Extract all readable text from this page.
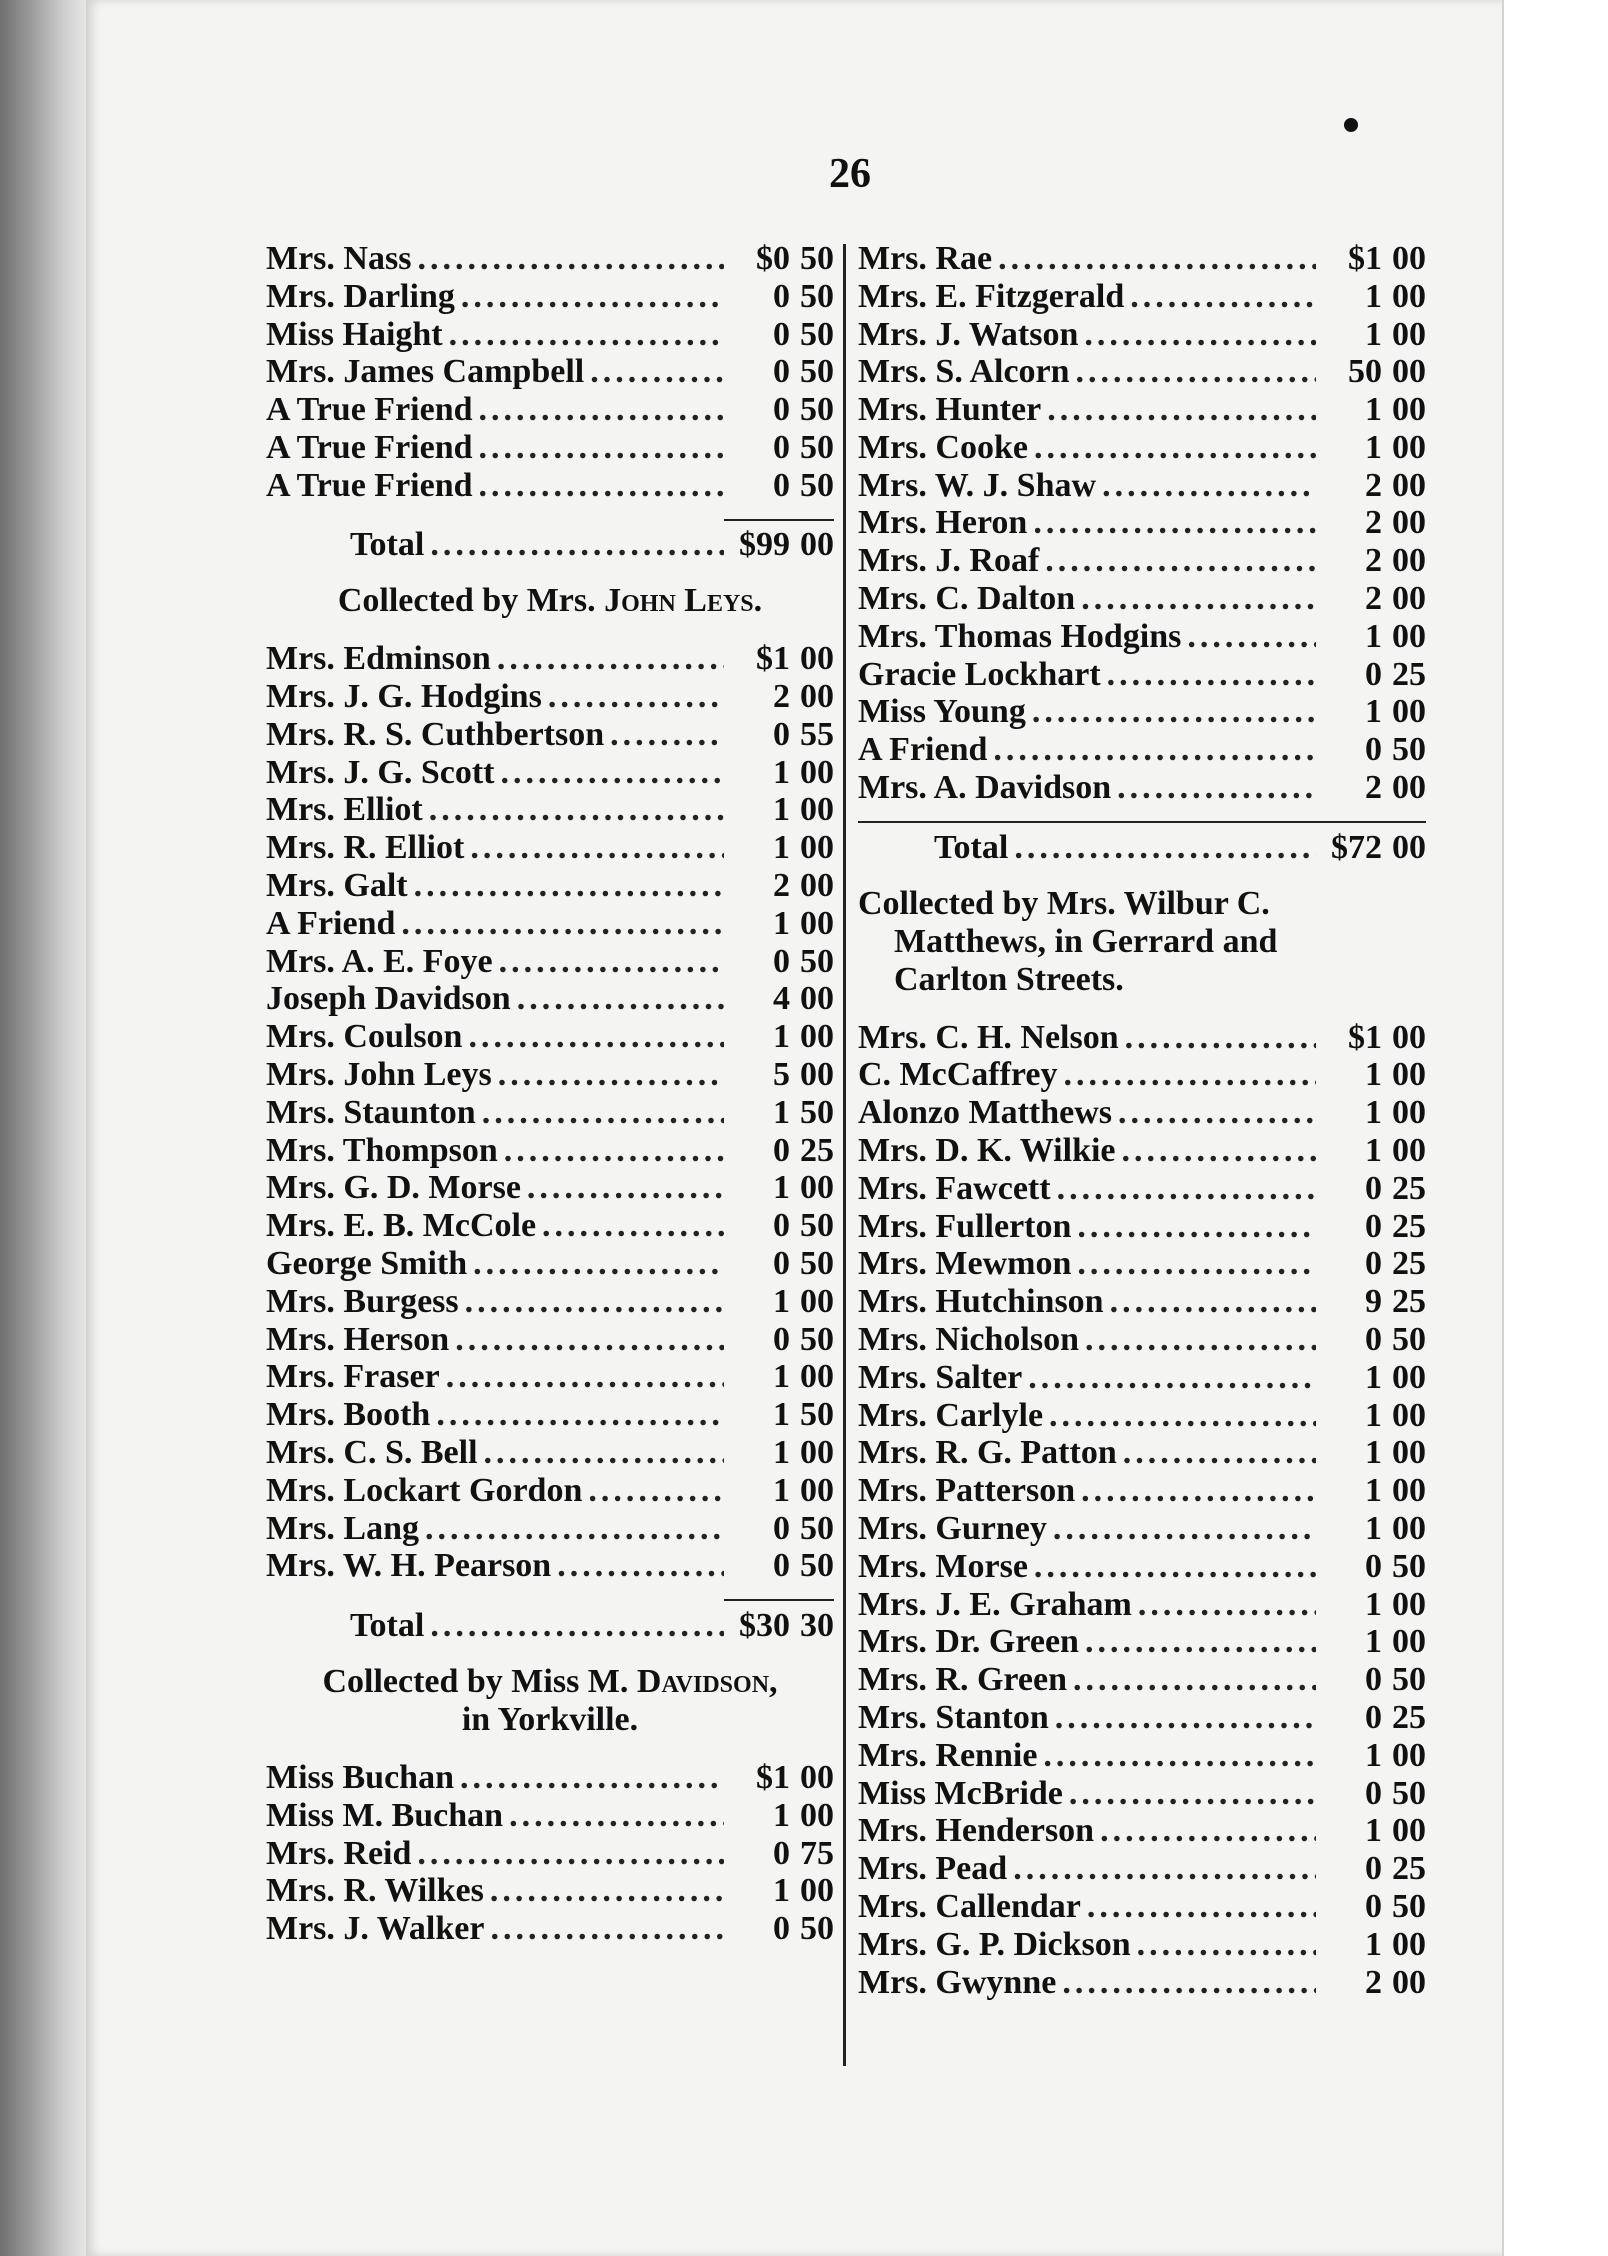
26
Mrs. Nass .....	$0 50
Mrs. Darling .....	0 50
Miss Haight .....	0 50
Mrs. James Campbell .....	0 50
A True Friend .....	0 50
A True Friend .....	0 50
A True Friend .....	0 50
Total .....	$99 00
Collected by Mrs. John Leys.
Mrs. Edminson .....	$1 00
Mrs. J. G. Hodgins .....	2 00
Mrs. R. S. Cuthbertson .....	0 55
Mrs. J. G. Scott .....	1 00
Mrs. Elliot .....	1 00
Mrs. R. Elliot .....	1 00
Mrs. Galt .....	2 00
A Friend .....	1 00
Mrs. A. E. Foye .....	0 50
Joseph Davidson .....	4 00
Mrs. Coulson .....	1 00
Mrs. John Leys .....	5 00
Mrs. Staunton .....	1 50
Mrs. Thompson .....	0 25
Mrs. G. D. Morse .....	1 00
Mrs. E. B. McCole .....	0 50
George Smith .....	0 50
Mrs. Burgess .....	1 00
Mrs. Herson .....	0 50
Mrs. Fraser .....	1 00
Mrs. Booth .....	1 50
Mrs. C. S. Bell .....	1 00
Mrs. Lockart Gordon .....	1 00
Mrs. Lang .....	0 50
Mrs. W. H. Pearson .....	0 50
Total .....	$30 30
Collected by Miss M. Davidson,
in Yorkville.
Miss Buchan .....	$1 00
Miss M. Buchan .....	1 00
Mrs. Reid .....	0 75
Mrs. R. Wilkes .....	1 00
Mrs. J. Walker .....	0 50
Mrs. Rae .....	$1 00
Mrs. E. Fitzgerald .....	1 00
Mrs. J. Watson .....	1 00
Mrs. S. Alcorn .....	50 00
Mrs. Hunter .....	1 00
Mrs. Cooke .....	1 00
Mrs. W. J. Shaw .....	2 00
Mrs. Heron .....	2 00
Mrs. J. Roaf .....	2 00
Mrs. C. Dalton .....	2 00
Mrs. Thomas Hodgins .....	1 00
Gracie Lockhart .....	0 25
Miss Young .....	1 00
A Friend .....	0 50
Mrs. A. Davidson .....	2 00
Total .....	$72 00
Collected by Mrs. Wilbur C.
Matthews, in Gerrard and
Carlton Streets.
Mrs. C. H. Nelson .....	$1 00
C. McCaffrey .....	1 00
Alonzo Matthews .....	1 00
Mrs. D. K. Wilkie .....	1 00
Mrs. Fawcett .....	0 25
Mrs. Fullerton .....	0 25
Mrs. Mewmon .....	0 25
Mrs. Hutchinson .....	9 25
Mrs. Nicholson .....	0 50
Mrs. Salter .....	1 00
Mrs. Carlyle .....	1 00
Mrs. R. G. Patton .....	1 00
Mrs. Patterson .....	1 00
Mrs. Gurney .....	1 00
Mrs. Morse .....	0 50
Mrs. J. E. Graham .....	1 00
Mrs. Dr. Green .....	1 00
Mrs. R. Green .....	0 50
Mrs. Stanton .....	0 25
Mrs. Rennie .....	1 00
Miss McBride .....	0 50
Mrs. Henderson .....	1 00
Mrs. Pead .....	0 25
Mrs. Callendar .....	0 50
Mrs. G. P. Dickson .....	1 00
Mrs. Gwynne .....	2 00
